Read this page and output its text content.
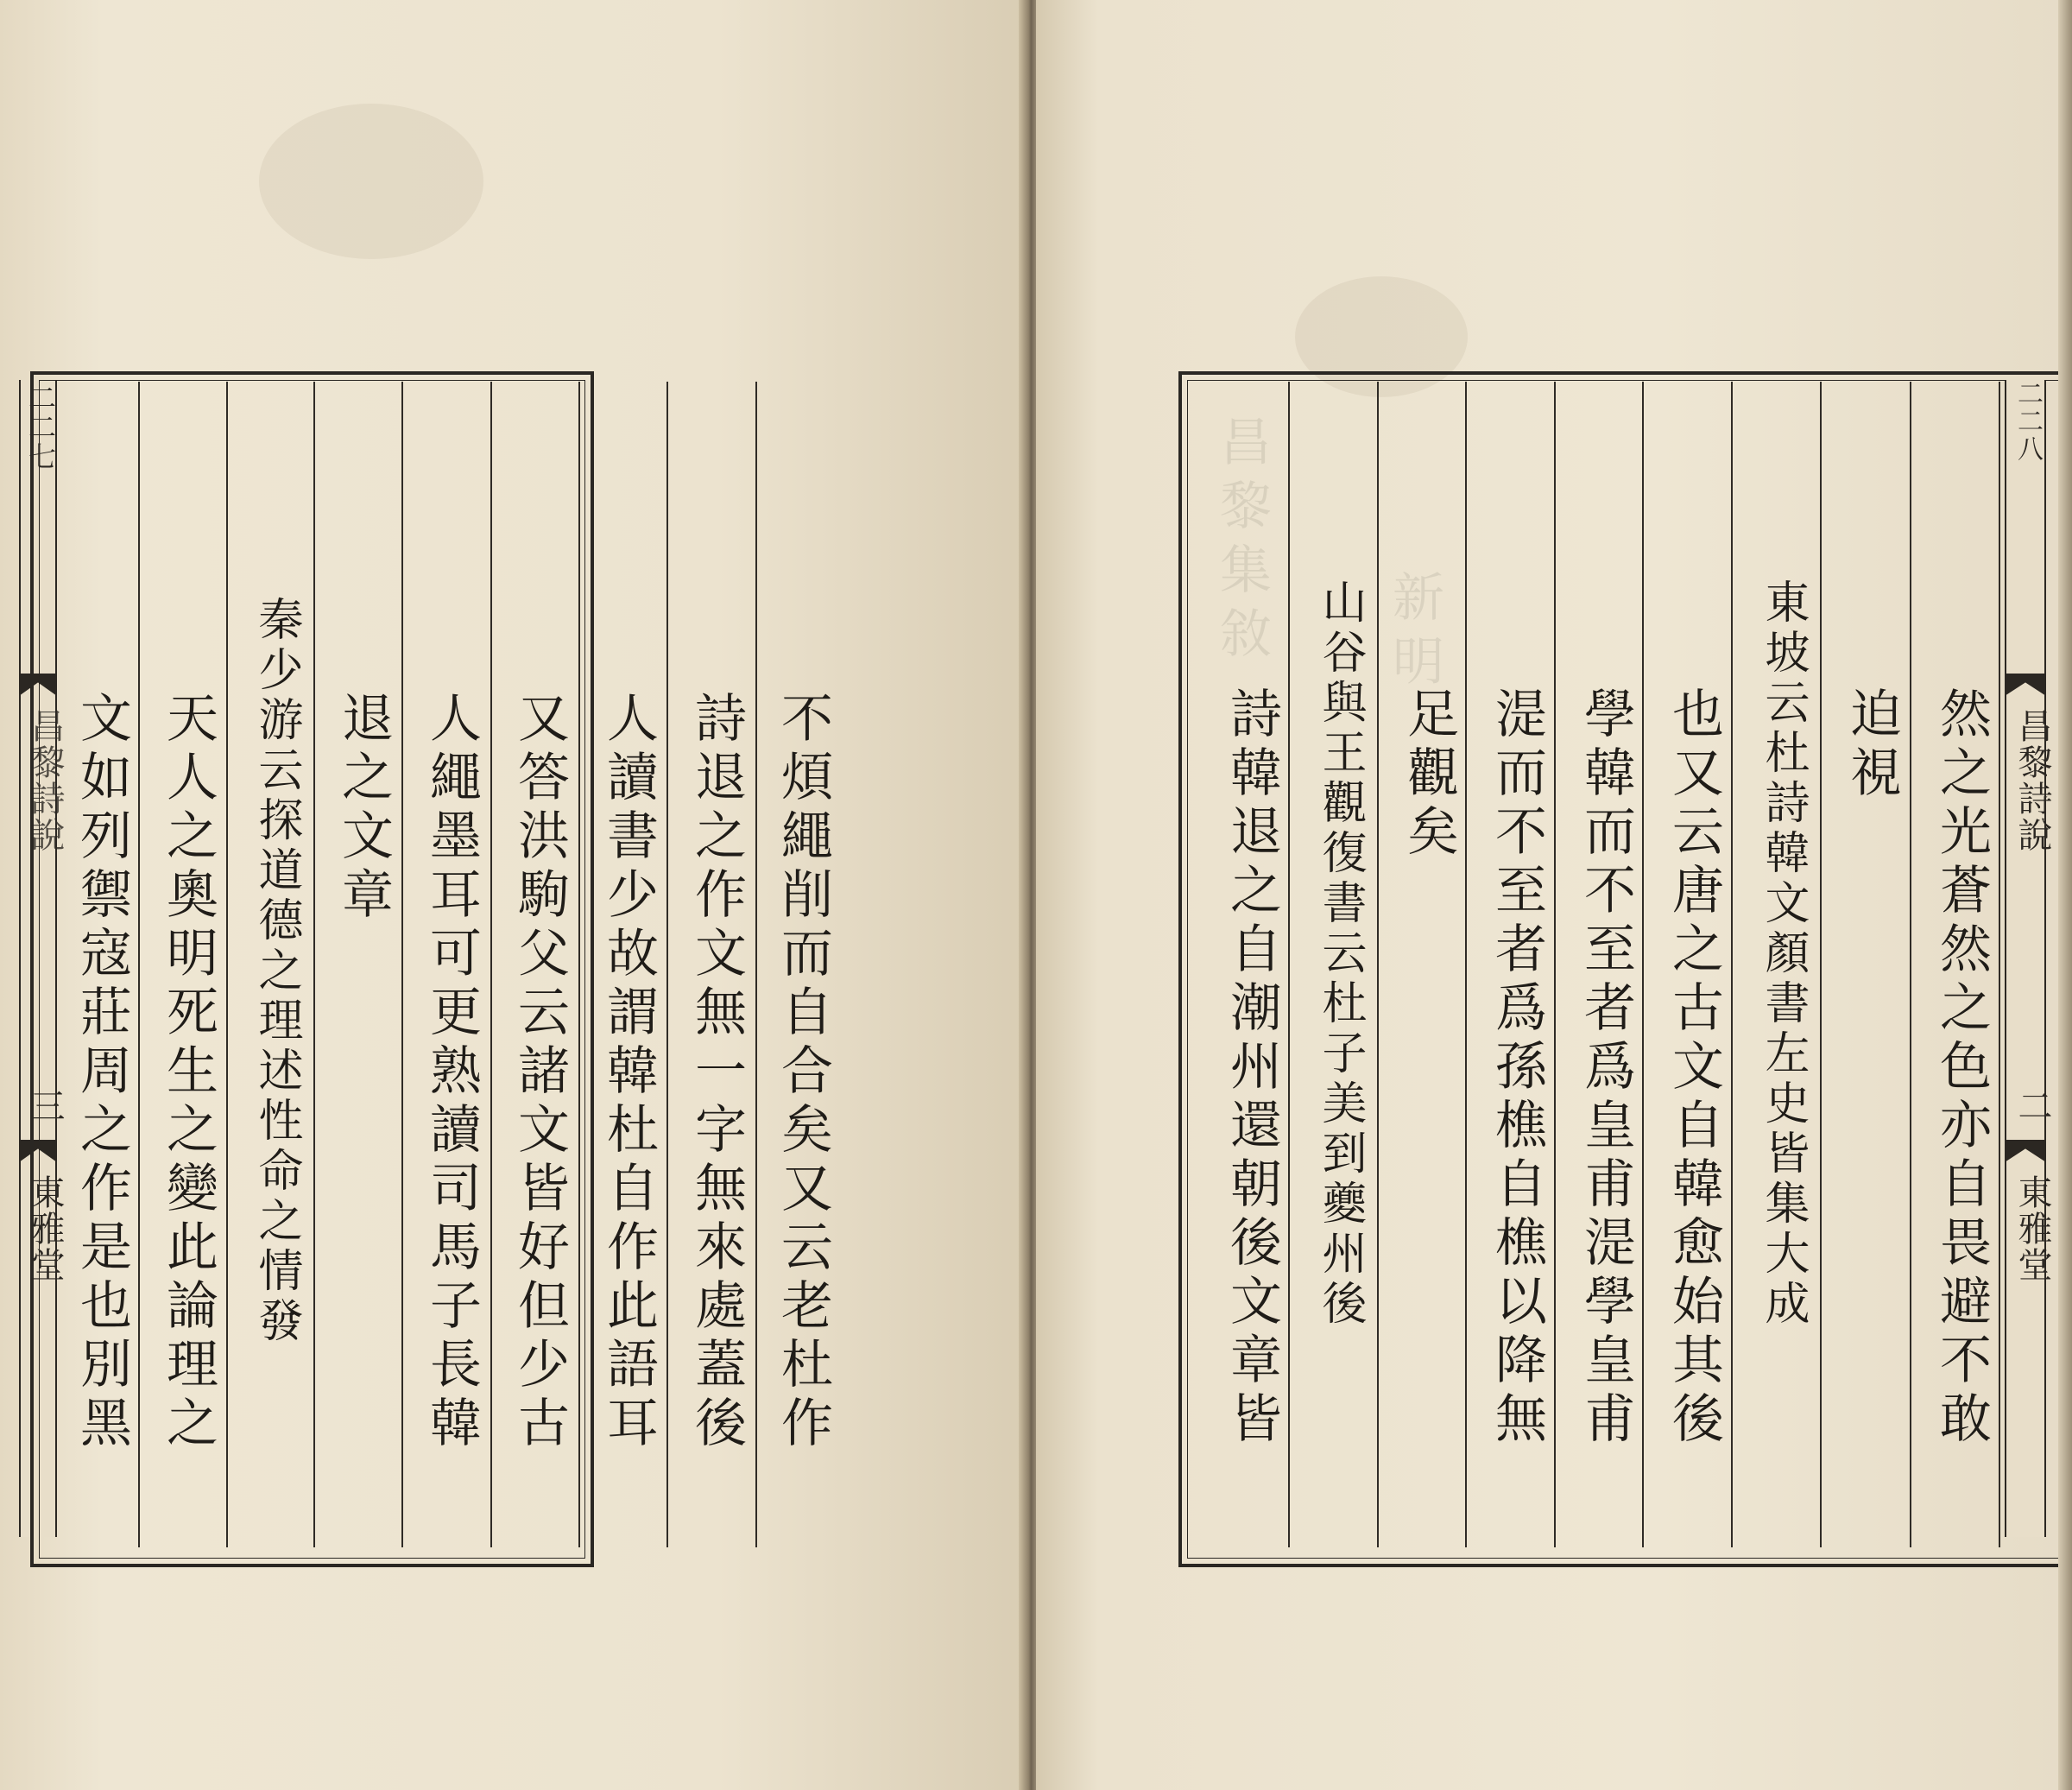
二二七
昌黎詩說
三
東雅堂	不煩繩削而自合矣又云老杜作
詩退之作文無一字無來處蓋後
人讀書少故謂韓杜自作此語耳
又答洪駒父云諸文皆好但少古
人繩墨耳可更熟讀司馬子長韓
退之文章
秦少游云探道德之理述性命之情發
天人之奧明死生之變此論理之
文如列禦寇莊周之作是也別黑
昌黎集敘 新明
二二八
昌黎詩說
二
東雅堂
然之光蒼然之色亦自畏避不敢
迫視
東坡云杜詩韓文顏書左史皆集大成
也又云唐之古文自韓愈始其後
學韓而不至者爲皇甫湜學皇甫
湜而不至者爲孫樵自樵以降無
足觀矣
山谷與王觀復書云杜子美到夔州後
詩韓退之自潮州還朝後文章皆
